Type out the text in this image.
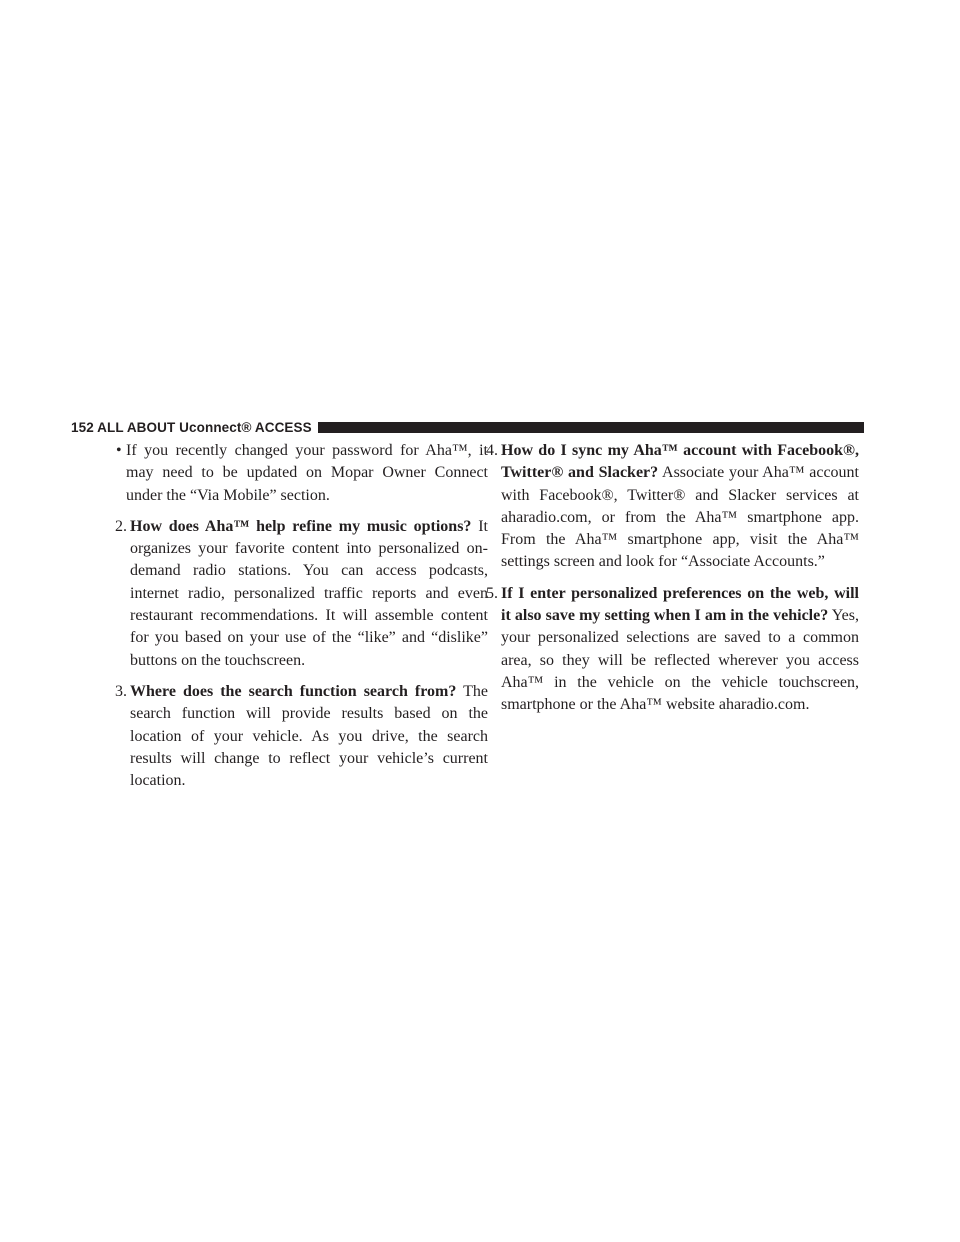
152 ALL ABOUT Uconnect® ACCESS
• If you recently changed your password for Aha™, it may need to be updated on Mopar Owner Connect under the “Via Mobile” section.
2. How does Aha™ help refine my music options? It organizes your favorite content into personalized on-demand radio stations. You can access podcasts, internet radio, personalized traffic reports and even restaurant recommendations. It will assemble content for you based on your use of the “like” and “dislike” buttons on the touchscreen.
3. Where does the search function search from? The search function will provide results based on the location of your vehicle. As you drive, the search results will change to reflect your vehicle’s current location.
4. How do I sync my Aha™ account with Facebook®, Twitter® and Slacker? Associate your Aha™ account with Facebook®, Twitter® and Slacker services at aharadio.com, or from the Aha™ smartphone app. From the Aha™ smartphone app, visit the Aha™ settings screen and look for “Associate Accounts.”
5. If I enter personalized preferences on the web, will it also save my setting when I am in the vehicle? Yes, your personalized selections are saved to a common area, so they will be reflected wherever you access Aha™ in the vehicle on the vehicle touchscreen, smartphone or the Aha™ website aharadio.com.
